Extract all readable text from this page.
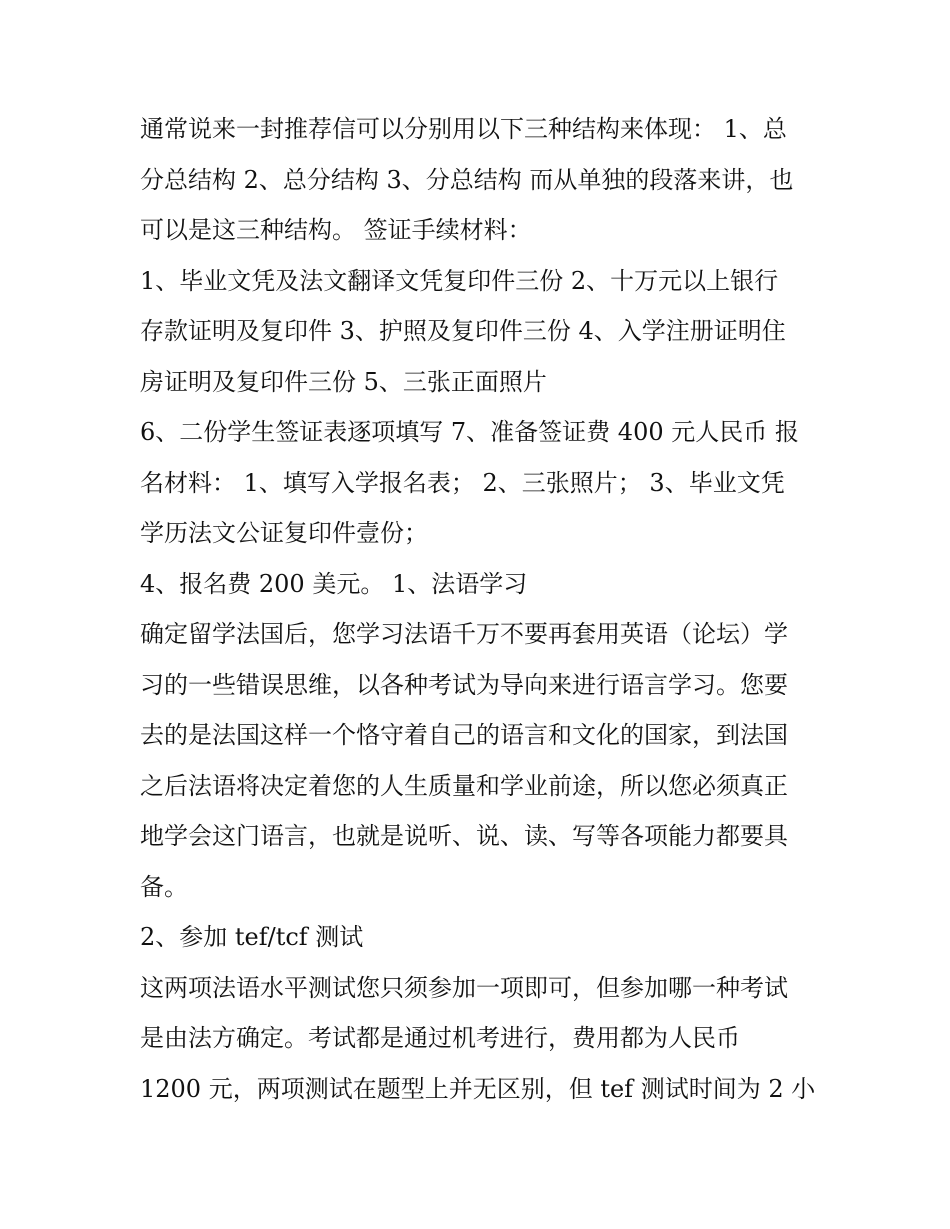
通常说来一封推荐信可以分别用以下三种结构来体现： 1、总
分总结构 2、总分结构 3、分总结构 而从单独的段落来讲，也
可以是这三种结构。 签证手续材料：
1、毕业文凭及法文翻译文凭复印件三份 2、十万元以上银行
存款证明及复印件 3、护照及复印件三份 4、入学注册证明住
房证明及复印件三份 5、三张正面照片
6、二份学生签证表逐项填写 7、准备签证费 400 元人民币 报
名材料： 1、填写入学报名表； 2、三张照片； 3、毕业文凭
学历法文公证复印件壹份；
4、报名费 200 美元。 1、法语学习
确定留学法国后，您学习法语千万不要再套用英语（论坛）学
习的一些错误思维，以各种考试为导向来进行语言学习。您要
去的是法国这样一个恪守着自己的语言和文化的国家，到法国
之后法语将决定着您的人生质量和学业前途，所以您必须真正
地学会这门语言，也就是说听、说、读、写等各项能力都要具
备。
2、参加 tef/tcf 测试
这两项法语水平测试您只须参加一项即可，但参加哪一种考试
是由法方确定。考试都是通过机考进行，费用都为人民币
1200 元，两项测试在题型上并无区别，但 tef 测试时间为 2 小
